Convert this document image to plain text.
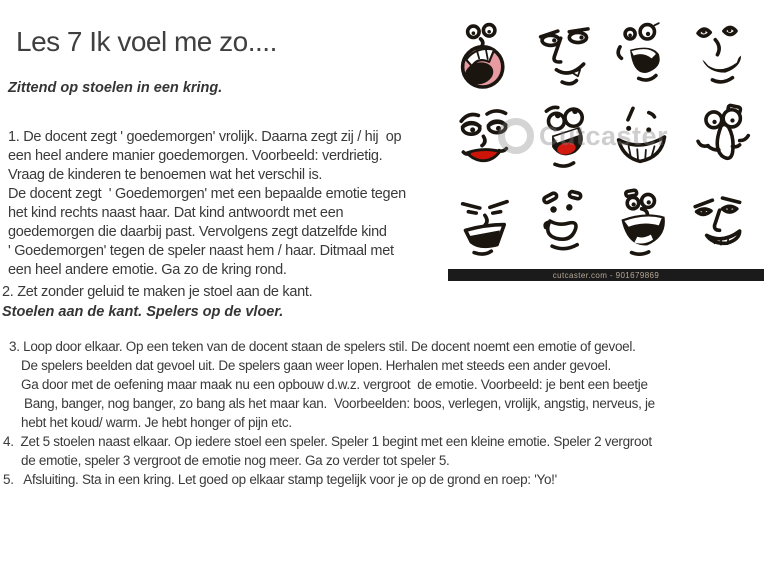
Les 7 Ik voel me zo....
Zittend op stoelen in een kring.
1. De docent zegt ' goedemorgen' vrolijk. Daarna zegt zij / hij  op
een heel andere manier goedemorgen. Voorbeeld: verdrietig.
Vraag de kinderen te benoemen wat het verschil is.
De docent zegt  ' Goedemorgen' met een bepaalde emotie tegen
het kind rechts naast haar. Dat kind antwoordt met een
goedemorgen die daarbij past. Vervolgens zegt datzelfde kind
' Goedemorgen' tegen de speler naast hem / haar. Ditmaal met
een heel andere emotie. Ga zo de kring rond.
2. Zet zonder geluid te maken je stoel aan de kant.
Stoelen aan de kant. Spelers op de vloer.
3. Loop door elkaar. Op een teken van de docent staan de spelers stil. De docent noemt een emotie of gevoel.
De spelers beelden dat gevoel uit. De spelers gaan weer lopen. Herhalen met steeds een ander gevoel.
Ga door met de oefening maar maak nu een opbouw d.w.z. vergroot  de emotie. Voorbeeld: je bent een beetje
Bang, banger, nog banger, zo bang als het maar kan.  Voorbeelden: boos, verlegen, vrolijk, angstig, nerveus, je
hebt het koud/ warm. Je hebt honger of pijn etc.
4.  Zet 5 stoelen naast elkaar. Op iedere stoel een speler. Speler 1 begint met een kleine emotie. Speler 2 vergroot
de emotie, speler 3 vergroot de emotie nog meer. Ga zo verder tot speler 5.
5.   Afsluiting. Sta in een kring. Let goed op elkaar stamp tegelijk voor je op de grond en roep: 'Yo!'
Cutcaster
cutcaster.com - 901679869
